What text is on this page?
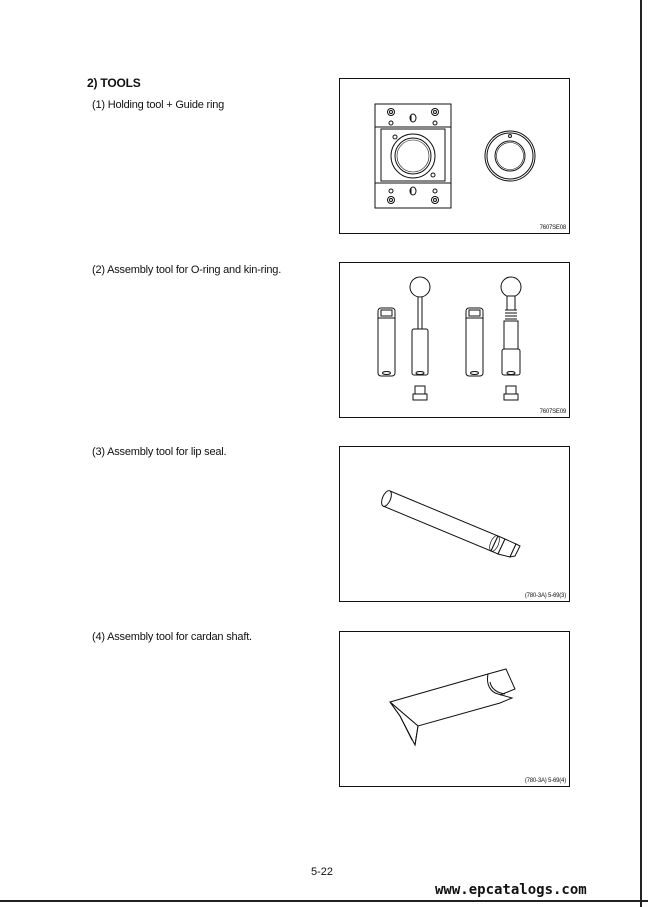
2) TOOLS
(1) Holding tool + Guide ring
7607SE08
(2) Assembly tool for O-ring and kin-ring.
7607SE09
(3) Assembly tool for lip seal.
(780-3A) 5-69(3)
(4) Assembly tool for cardan shaft.
(780-3A) 5-69(4)
5-22
www.epcatalogs.com
